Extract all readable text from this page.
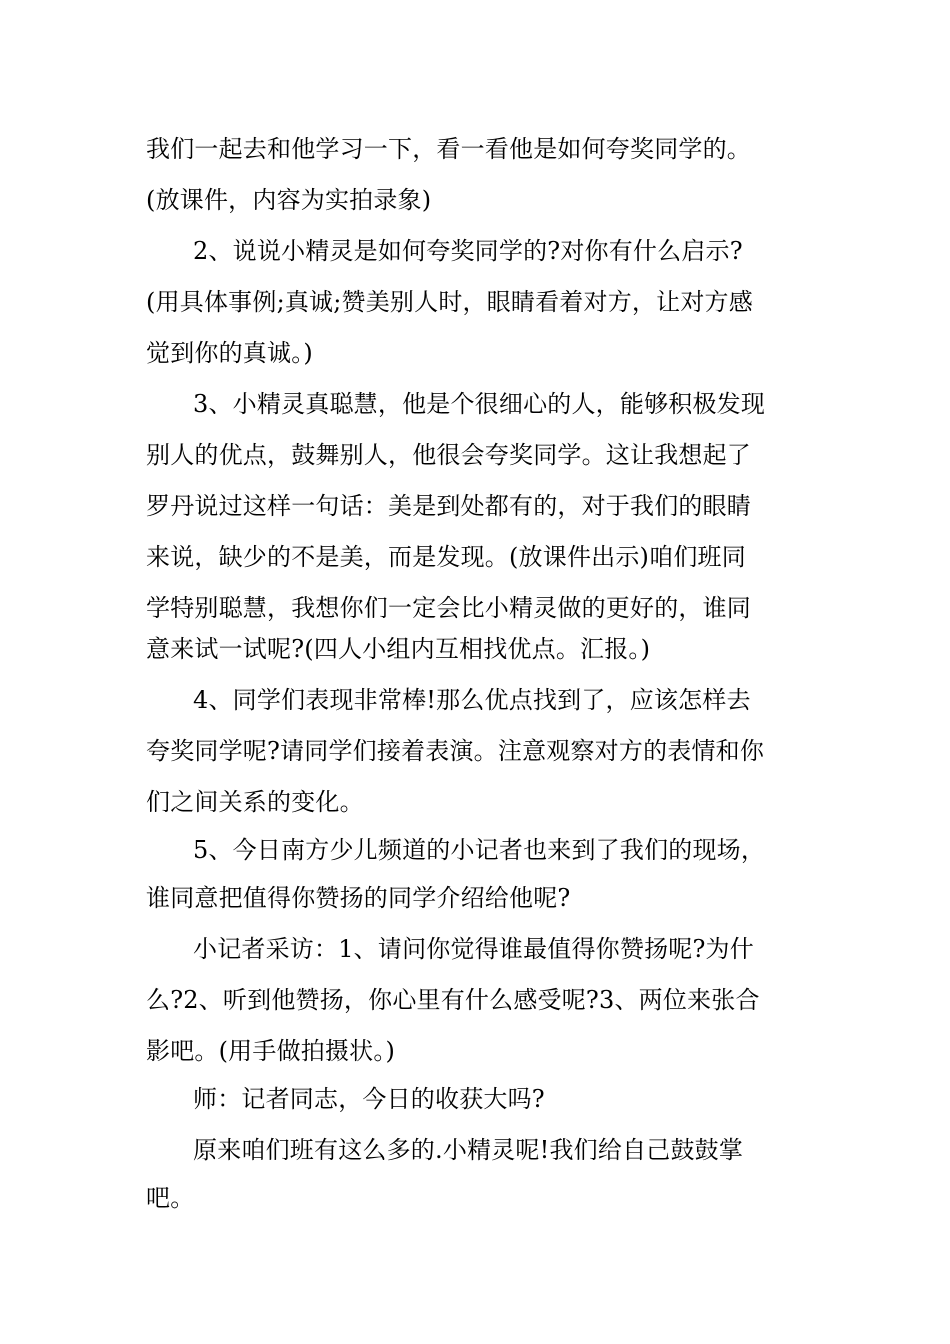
我们一起去和他学习一下，看一看他是如何夸奖同学的。
(放课件，内容为实拍录象)
2、说说小精灵是如何夸奖同学的?对你有什么启示?
(用具体事例;真诚;赞美别人时，眼睛看着对方，让对方感
觉到你的真诚。)
3、小精灵真聪慧，他是个很细心的人，能够积极发现
别人的优点，鼓舞别人，他很会夸奖同学。这让我想起了
罗丹说过这样一句话：美是到处都有的，对于我们的眼睛
来说，缺少的不是美，而是发现。(放课件出示)咱们班同
学特别聪慧，我想你们一定会比小精灵做的更好的，谁同
意来试一试呢?(四人小组内互相找优点。汇报。)
4、同学们表现非常棒!那么优点找到了，应该怎样去
夸奖同学呢?请同学们接着表演。注意观察对方的表情和你
们之间关系的变化。
5、今日南方少儿频道的小记者也来到了我们的现场，
谁同意把值得你赞扬的同学介绍给他呢?
小记者采访：1、请问你觉得谁最值得你赞扬呢?为什
么?2、听到他赞扬，你心里有什么感受呢?3、两位来张合
影吧。(用手做拍摄状。)
师：记者同志，今日的收获大吗?
原来咱们班有这么多的.小精灵呢!我们给自己鼓鼓掌
吧。
